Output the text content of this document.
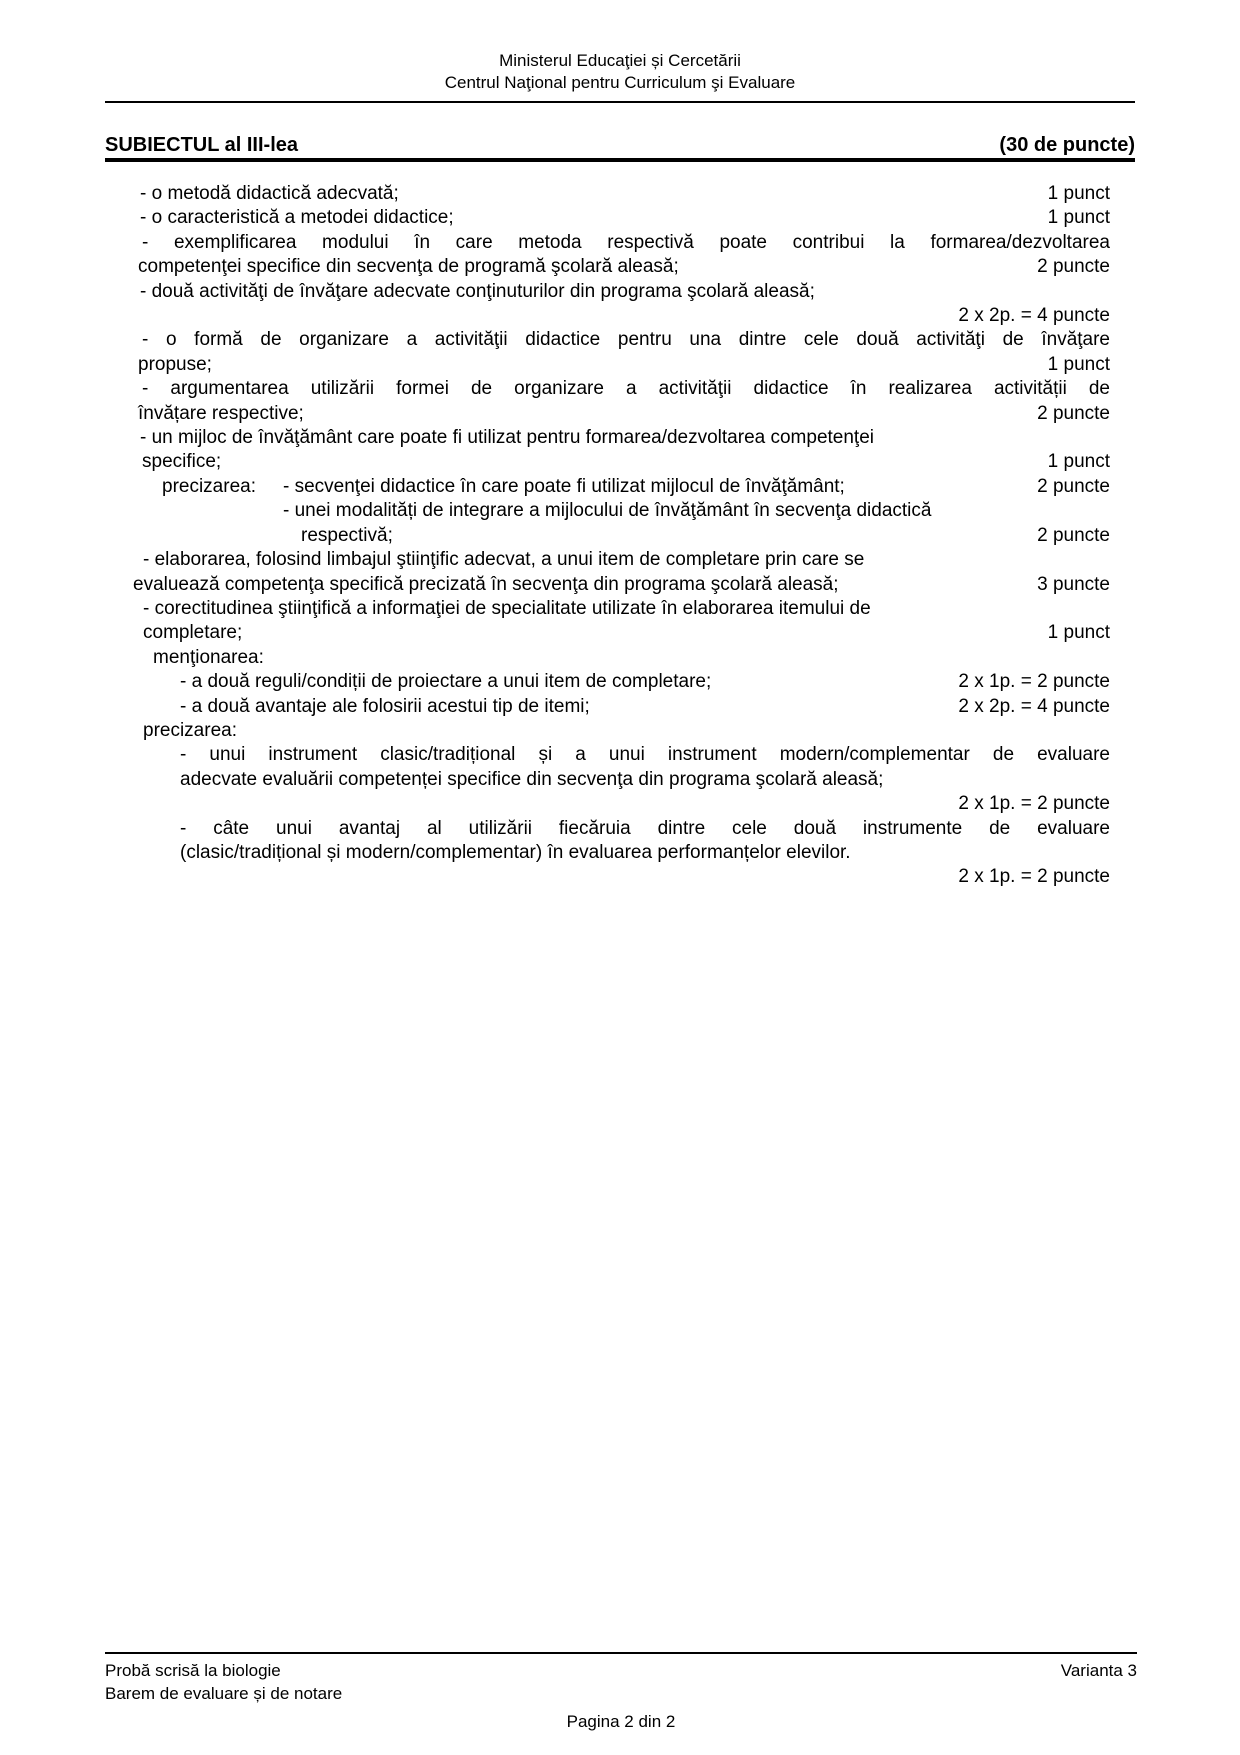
Ministerul Educaţiei și Cercetării
Centrul Naţional pentru Curriculum şi Evaluare
SUBIECTUL al III-lea	(30 de puncte)
- o metodă didactică adecvată;	1 punct
- o caracteristică a metodei didactice;	1 punct
- exemplificarea modului în care metoda respectivă poate contribui la formarea/dezvoltarea
competenţei specifice din secvenţa de programă şcolară aleasă;	2 puncte
- două activităţi de învăţare adecvate conţinuturilor din programa şcolară aleasă;
2 x 2p. = 4 puncte
- o formă de organizare a activităţii didactice pentru una dintre cele două activităţi de învăţare
propuse;	1 punct
- argumentarea utilizării formei de organizare a activităţii didactice în realizarea activității de
învățare respective;	2 puncte
- un mijloc de învăţământ care poate fi utilizat pentru formarea/dezvoltarea competenţei
specifice;	1 punct
precizarea: - secvenţei didactice în care poate fi utilizat mijlocul de învăţământ;	2 puncte
- unei modalități de integrare a mijlocului de învăţământ în secvenţa didactică
respectivă;	2 puncte
- elaborarea, folosind limbajul ştiinţific adecvat, a unui item de completare prin care se
evaluează competenţa specifică precizată în secvenţa din programa şcolară aleasă;	3 puncte
- corectitudinea ştiinţifică a informaţiei de specialitate utilizate în elaborarea itemului de
completare;	1 punct
menţionarea:
- a două reguli/condiții de proiectare a unui item de completare;	2 x 1p. = 2 puncte
- a două avantaje ale folosirii acestui tip de itemi;	2 x 2p. = 4 puncte
precizarea:
- unui instrument clasic/tradițional și a unui instrument modern/complementar de evaluare
adecvate evaluării competenței specifice din secvenţa din programa şcolară aleasă;
2 x 1p. = 2 puncte
- câte unui avantaj al utilizării fiecăruia dintre cele două instrumente de evaluare
(clasic/tradițional și modern/complementar) în evaluarea performanțelor elevilor.
2 x 1p. = 2 puncte
Probă scrisă la biologie	Varianta 3
Barem de evaluare și de notare
Pagina 2 din 2
